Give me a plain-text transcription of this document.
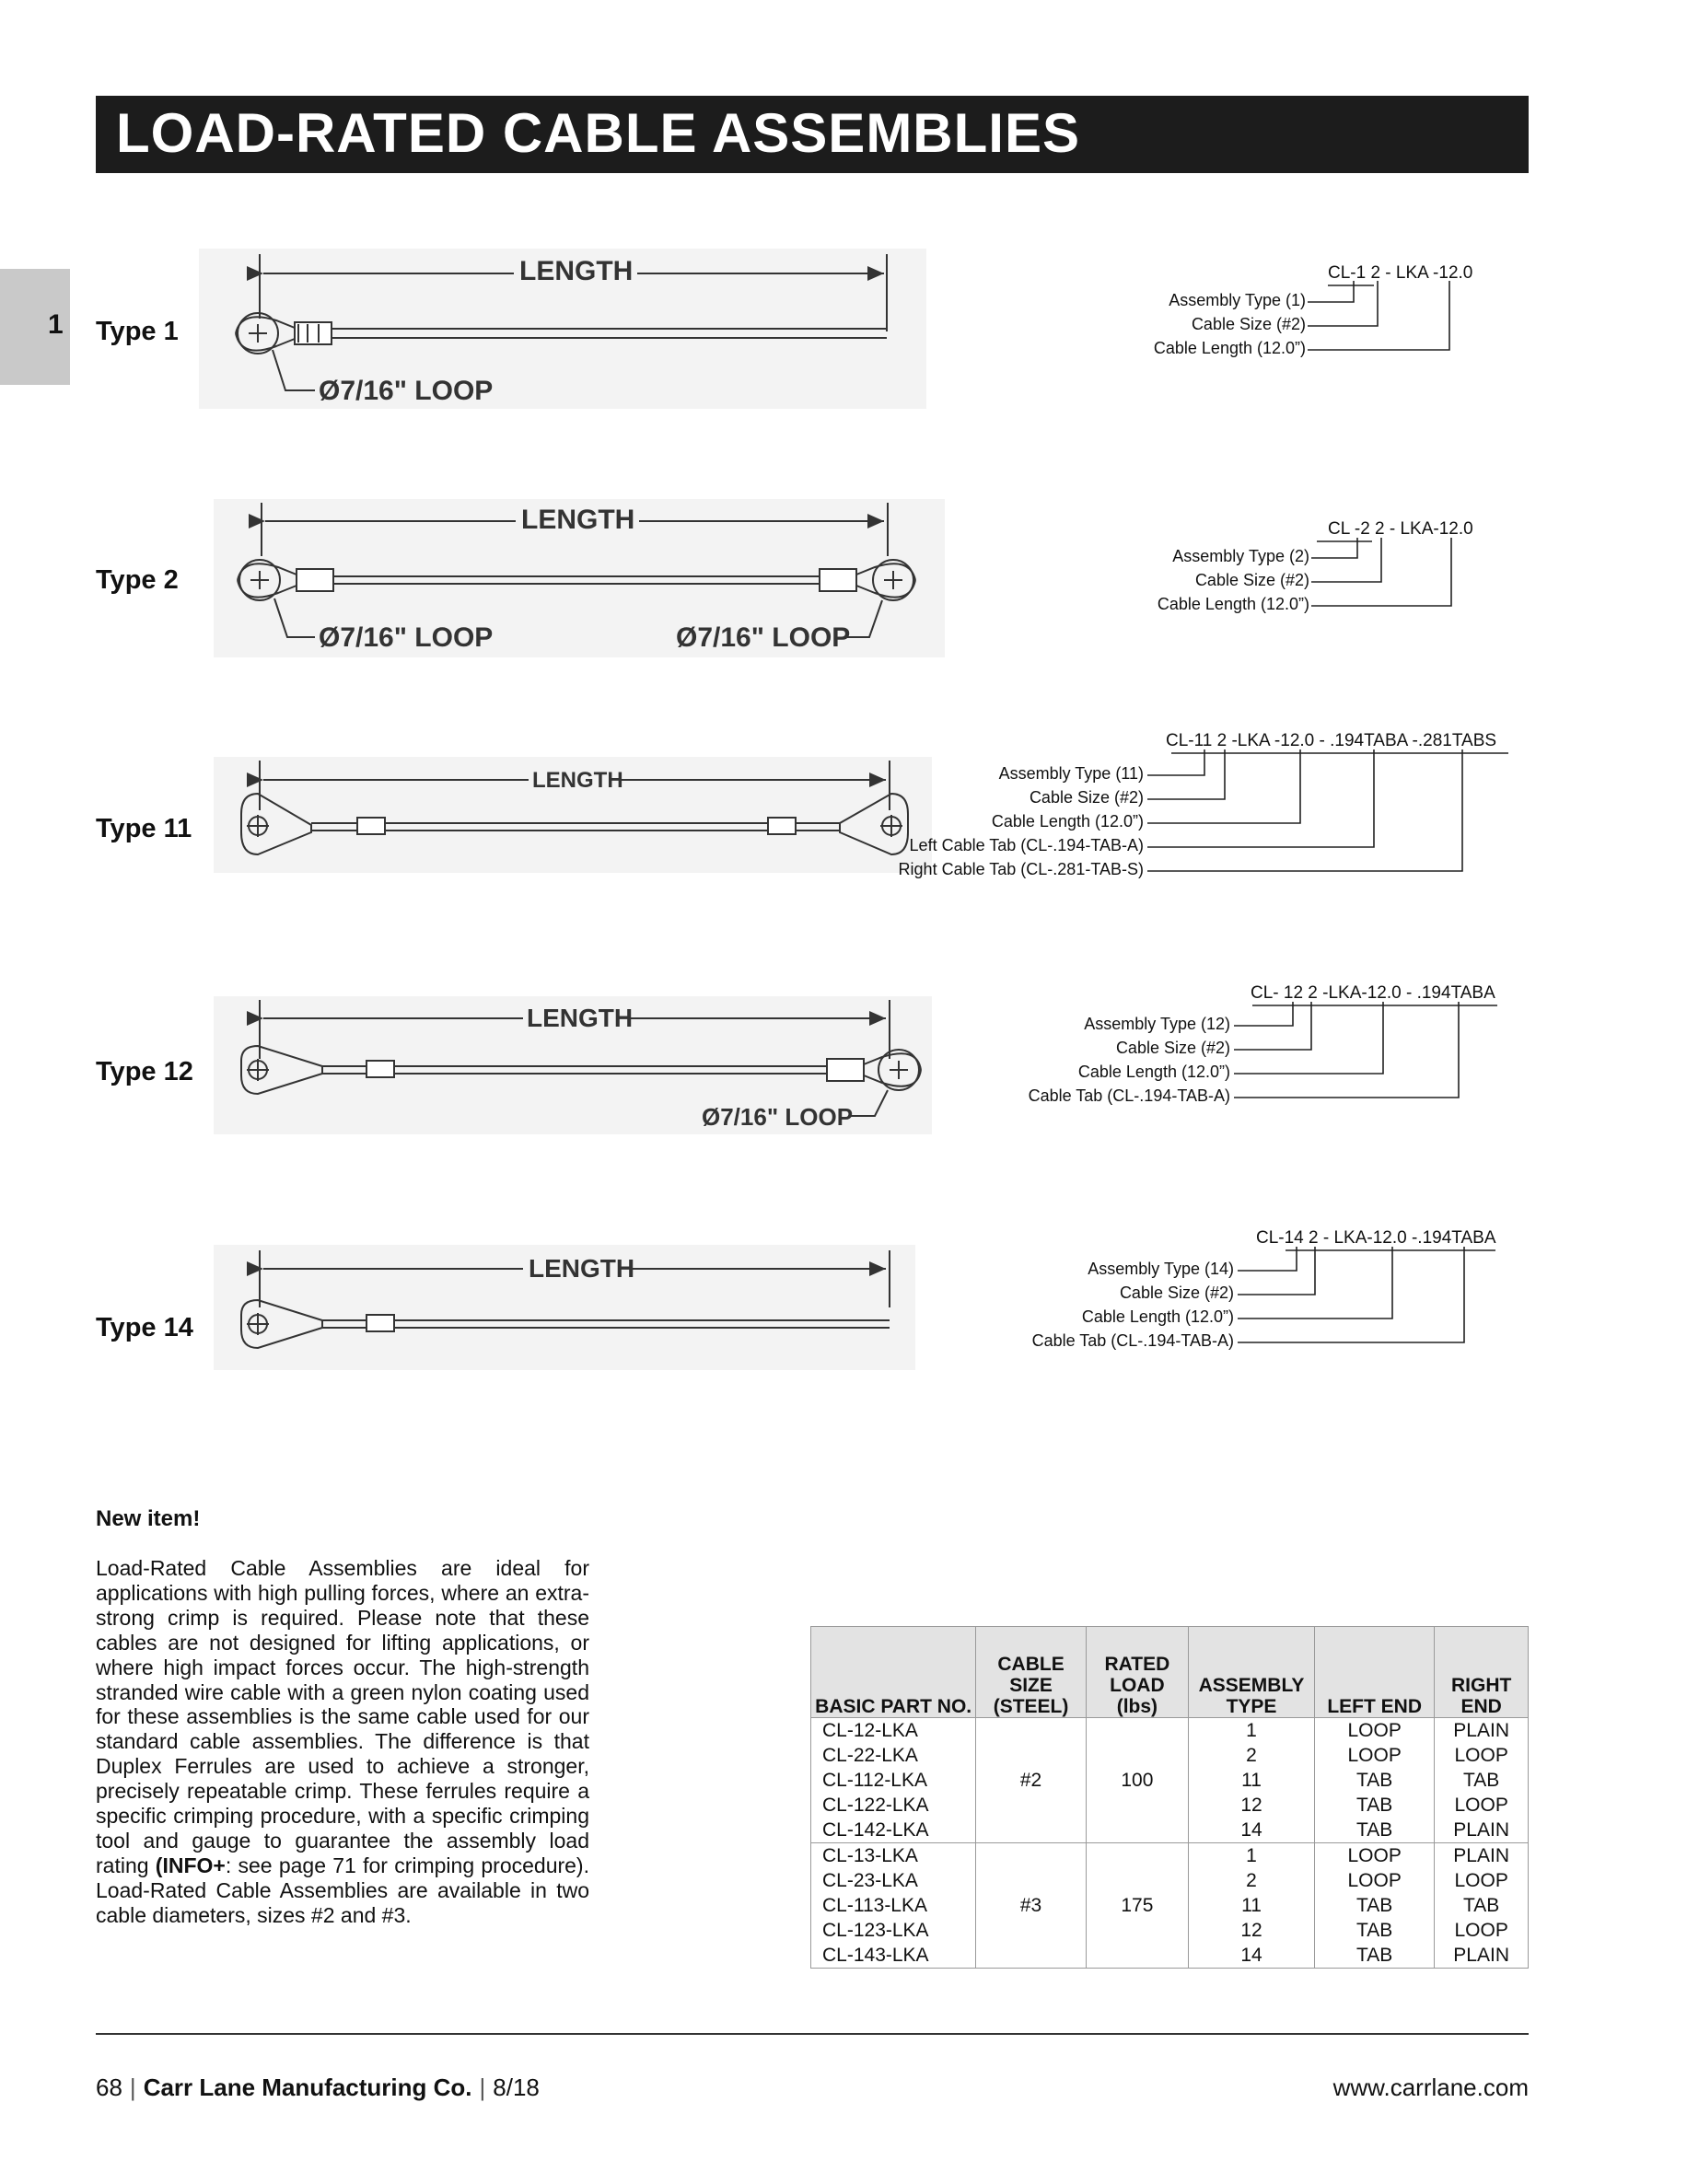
LOAD-RATED CABLE ASSEMBLIES
1 Type 1
Type 2
Type 11
Type 12
Type 14
LENGTH
Ø7/16" LOOP
LENGTH
Ø7/16" LOOP	Ø7/16" LOOP
LENGTH
LENGTH
Ø7/16" LOOP
LENGTH
CL-1 2 - LKA -12.0
Assembly Type (1)
Cable Size (#2)
Cable Length (12.0”)
CL -2 2 - LKA-12.0
Assembly Type (2)
Cable Size (#2)
Cable Length (12.0”)
CL-11 2 -LKA -12.0 - .194TABA -.281TABS
Assembly Type (11)
Cable Size (#2)
Cable Length (12.0”)
Left Cable Tab (CL-.194-TAB-A)
Right Cable Tab (CL-.281-TAB-S)
CL- 12 2 -LKA-12.0 - .194TABA
Assembly Type (12)
Cable Size (#2)
Cable Length (12.0”)
Cable Tab (CL-.194-TAB-A)
CL-14 2 - LKA-12.0 -.194TABA
Assembly Type (14)
Cable Size (#2)
Cable Length (12.0”)
Cable Tab (CL-.194-TAB-A)
New item!

Load-Rated Cable Assemblies are ideal for applications with high pulling forces, where an extra-strong crimp is required. Please note that these cables are not designed for lifting applications, or where high impact forces occur. The high-strength stranded wire cable with a green nylon coating used for these assemblies is the same cable used for our standard cable assemblies. The difference is that Duplex Ferrules are used to achieve a stronger, precisely repeatable crimp. These ferrules require a specific crimping procedure, with a specific crimping tool and gauge to guarantee the assembly load rating (INFO+: see page 71 for crimping procedure). Load-Rated Cable Assemblies are available in two cable diameters, sizes #2 and #3.

BASIC PART NO.	CABLE SIZE (STEEL)	RATED LOAD (lbs)	ASSEMBLY TYPE	LEFT END	RIGHT END
CL-12-LKA	#2	100	1	LOOP	PLAIN
CL-22-LKA			2	LOOP	LOOP
CL-112-LKA			11	TAB	TAB
CL-122-LKA			12	TAB	LOOP
CL-142-LKA			14	TAB	PLAIN
CL-13-LKA	#3	175	1	LOOP	PLAIN
CL-23-LKA			2	LOOP	LOOP
CL-113-LKA			11	TAB	TAB
CL-123-LKA			12	TAB	LOOP
CL-143-LKA			14	TAB	PLAIN
68 | Carr Lane Manufacturing Co. | 8/18	www.carrlane.com
